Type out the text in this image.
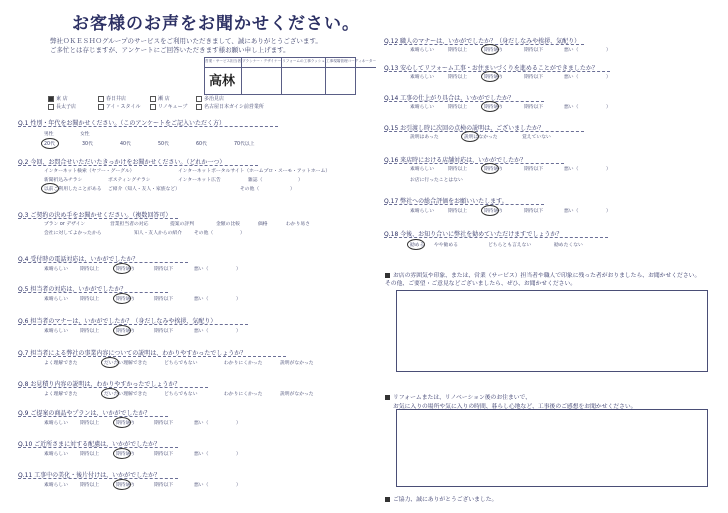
お客様のお声をお聞かせください。
弊社ＯＫＥＳＨＯグループのサービスをご利用いただきまして、誠にありがとうございます。
ご多忙とは存じますが、アンケートにご回答いただきます様お願い申し上げます。
営業・サービス担当者
高林
プランナー・デザイナー リフォームの工事ラッシュ 工事現場管理コーディネーター
東 店	春日井店	瀬 店	多治見店
長太子店	アイ・スタイル	リノキューブ	名古屋日本ガイシ前営業所
Q.1 性別・年代をお聞かせください。（このアンケートをご記入いただく方）
男性	女性
20代	30代	40代	50代	60代	70代以上
Q.2 今回、お問合せいただいたきっかけをお聞かせください。（どれか一つ）
インターネット検索（ヤフー・グーグル）	インターネットポータルサイト（ホームプロ・スーモ・アットホーム）
新聞折込みチラシ	ポスティングチラシ	インターネット広告	雑誌（	）
以前ご利用したことがある ご紹介（知人・友人・家族など）	その他（	）
Q.3 ご契約の決め手をお聞かせください。（複数回答可）
プラン or デザイン	営業担当者の対応	提案の評判	金額の比較	価格	わかり易さ
会社に対してよかったから	知人・友人からの紹介	その他（	）
Q.4 受付時の電話対応は、いかがでしたか？
素晴らしい	期待以上	期待通り	期待以下	悪い（	）
Q.5 担当者の対応は、いかがでしたか？
素晴らしい	期待以上	期待通り	期待以下	悪い（	）
Q.6 担当者のマナーは、いかがでしたか？（身だしなみや挨拶、気配り）
素晴らしい	期待以上	期待通り	期待以下	悪い（	）
Q.7 担当者による弊社の事業内容についての説明は、わかりやすかったでしょうか？
よく理解できた	だいたい理解できた	どちらでもない	わかりにくかった	説明がなかった
Q.8 お見積り内容の説明は、わかりやすかったでしょうか？
よく理解できた	だいたい理解できた	どちらでもない	わかりにくかった	説明がなかった
Q.9 ご提案の商品やプランは、いかがでしたか？
素晴らしい	期待以上	期待通り	期待以下	悪い（	）
Q.10 ご近所さまに対する配慮は、いかがでしたか？
素晴らしい	期待以上	期待通り	期待以下	悪い（	）
Q.11 工事中の美化・後片付けは、いかがでしたか？
素晴らしい	期待以上	期待通り	期待以下	悪い（	）
Q.12 職人のマナーは、いかがでしたか？（身だしなみや挨拶、気配り）
素晴らしい	期待以上	期待通り	期待以下	悪い（	）
Q.13 安心してリフォーム工事・お住まいづくりを進めることができましたか？
素晴らしい	期待以上	期待通り	期待以下	悪い（	）
Q.14 工事の仕上がり具合は、いかがでしたか？
素晴らしい	期待以上	期待通り	期待以下	悪い（	）
Q.15 お引渡し時に次回の点検の説明は、ございましたか？
説明はあった	説明はなかった	覚えていない
Q.16 来店時における店舗対応は、いかがでしたか？
素晴らしい	期待以上	期待通り	期待以下	悪い（	）
お店に行ったことはない
Q.17 弊社への総合評価をお願いいたします。
素晴らしい	期待以上	期待通り	期待以下	悪い（	）
Q.18 今後、お知り合いに弊社を勧めていただけますでしょうか？
勧める やや勧める	どちらとも言えない	勧めたくない
お店の雰囲気や印象、または、営業（サービス）担当者や職人で印象に残った者がおりましたら、お聞かせください。その他、ご要望・ご意見などございましたら、ぜひ、お聞かせください。
リフォームまたは、リノベーション後のお住まいで、
お気に入りの場所や気に入りの時間、暮らし心地など、工事後のご感想をお聞かせください。
ご協力、誠にありがとうございました。
